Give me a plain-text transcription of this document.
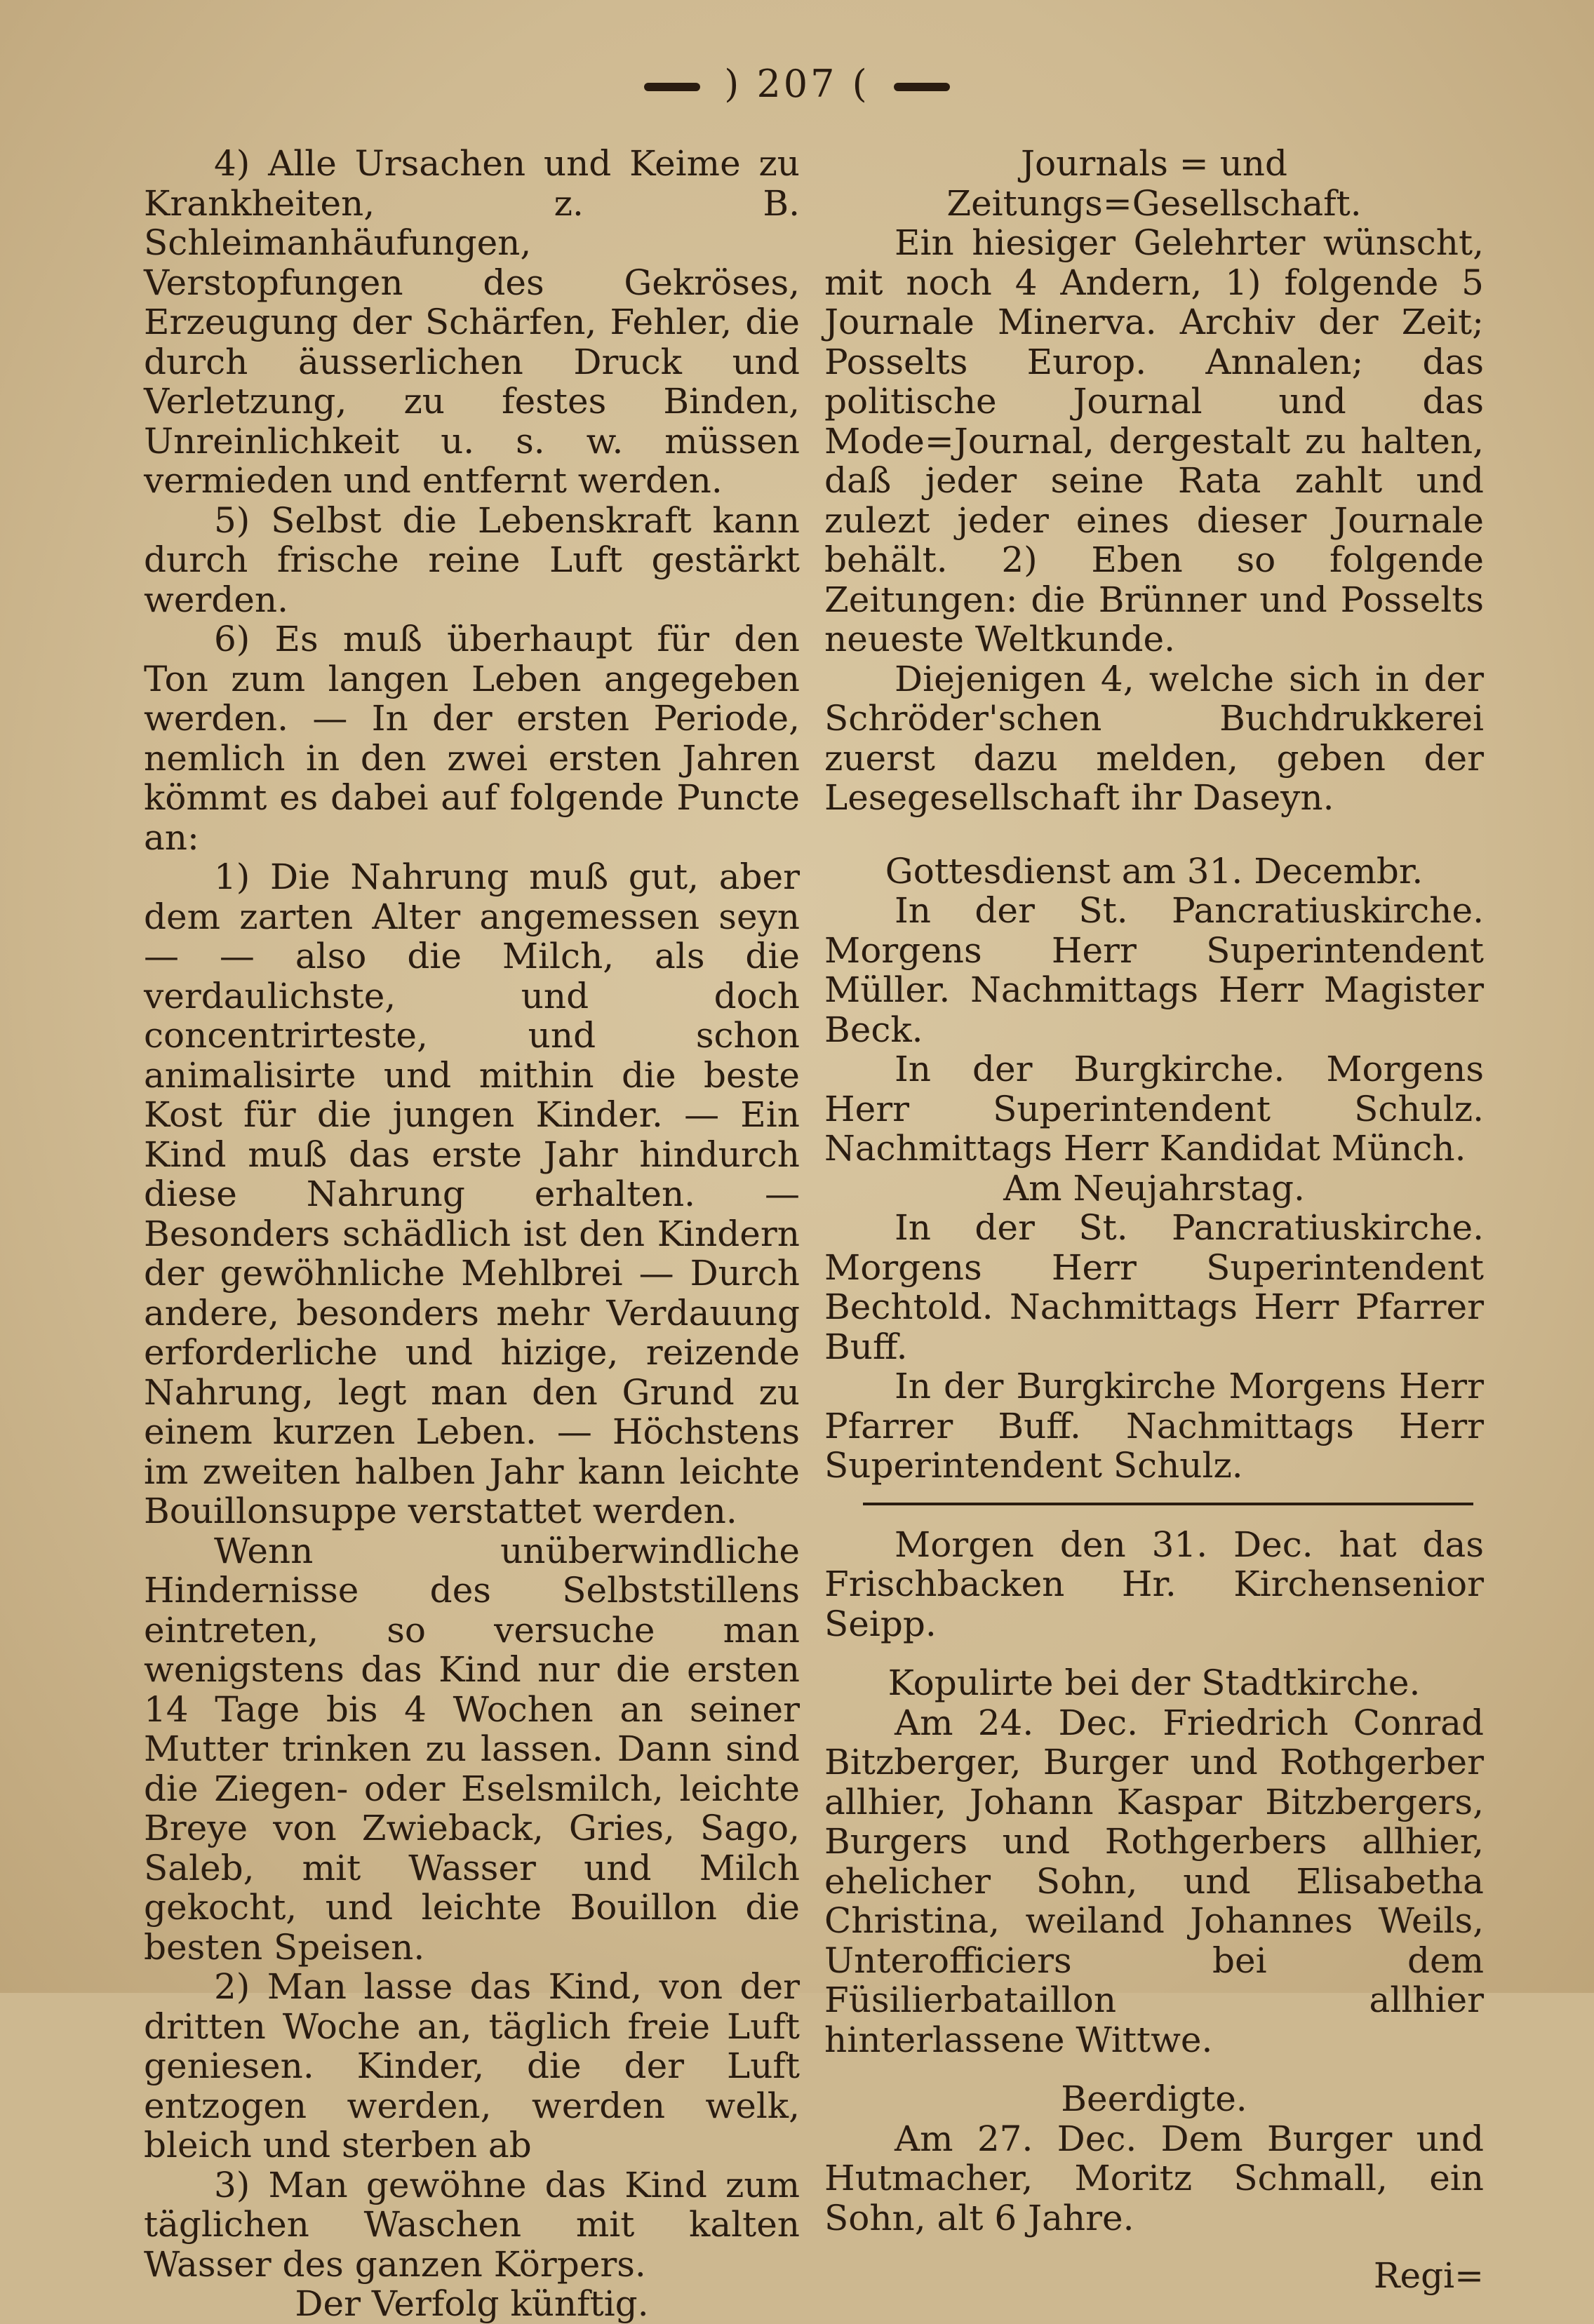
) 207 (

4) Alle Ursachen und Keime zu Krankheiten, z. B. Schleimanhäufungen, Verstopfungen des Gekröses, Erzeugung der Schärfen, Fehler, die durch äusserlichen Druck und Verletzung, zu festes Binden, Unreinlichkeit u. s. w. müssen vermieden und entfernt werden.

5) Selbst die Lebenskraft kann durch frische reine Luft gestärkt werden.

6) Es muß überhaupt für den Ton zum langen Leben angegeben werden. — In der ersten Periode, nemlich in den zwei ersten Jahren kömmt es dabei auf folgende Puncte an:

1) Die Nahrung muß gut, aber dem zarten Alter angemessen seyn — — also die Milch, als die verdaulichste, und doch concentrirteste, und schon animalisirte und mithin die beste Kost für die jungen Kinder. — Ein Kind muß das erste Jahr hindurch diese Nahrung erhalten. — Besonders schädlich ist den Kindern der gewöhnliche Mehlbrei — Durch andere, besonders mehr Verdauung erforderliche und hizige, reizende Nahrung, legt man den Grund zu einem kurzen Leben. — Höchstens im zweiten halben Jahr kann leichte Bouillonsuppe verstattet werden.

Wenn unüberwindliche Hindernisse des Selbststillens eintreten, so versuche man wenigstens das Kind nur die ersten 14 Tage bis 4 Wochen an seiner Mutter trinken zu lassen. Dann sind die Ziegen- oder Eselsmilch, leichte Breye von Zwieback, Gries, Sago, Saleb, mit Wasser und Milch gekocht, und leichte Bouillon die besten Speisen.

2) Man lasse das Kind, von der dritten Woche an, täglich freie Luft geniesen. Kinder, die der Luft entzogen werden, werden welk, bleich und sterben ab

3) Man gewöhne das Kind zum täglichen Waschen mit kalten Wasser des ganzen Körpers.

Der Verfolg künftig.

Journals = und Zeitungs=Gesellschaft.

Ein hiesiger Gelehrter wünscht, mit noch 4 Andern, 1) folgende 5 Journale Minerva. Archiv der Zeit; Posselts Europ. Annalen; das politische Journal und das Mode=Journal, dergestalt zu halten, daß jeder seine Rata zahlt und zulezt jeder eines dieser Journale behält. 2) Eben so folgende Zeitungen: die Brünner und Posselts neueste Weltkunde.

Diejenigen 4, welche sich in der Schröder'schen Buchdrukkerei zuerst dazu melden, geben der Lesegesellschaft ihr Daseyn.

Gottesdienst am 31. Decembr.

In der St. Pancratiuskirche. Morgens Herr Superintendent Müller. Nachmittags Herr Magister Beck.

In der Burgkirche. Morgens Herr Superintendent Schulz. Nachmittags Herr Kandidat Münch.

Am Neujahrstag.

In der St. Pancratiuskirche. Morgens Herr Superintendent Bechtold. Nachmittags Herr Pfarrer Buff.

In der Burgkirche Morgens Herr Pfarrer Buff. Nachmittags Herr Superintendent Schulz.

Morgen den 31. Dec. hat das Frischbacken Hr. Kirchensenior Seipp.

Kopulirte bei der Stadtkirche.

Am 24. Dec. Friedrich Conrad Bitzberger, Burger und Rothgerber allhier, Johann Kaspar Bitzbergers, Burgers und Rothgerbers allhier, ehelicher Sohn, und Elisabetha Christina, weiland Johannes Weils, Unterofficiers bei dem Füsilierbataillon allhier hinterlassene Wittwe.

Beerdigte.

Am 27. Dec. Dem Burger und Hutmacher, Moritz Schmall, ein Sohn, alt 6 Jahre.

Regi=
